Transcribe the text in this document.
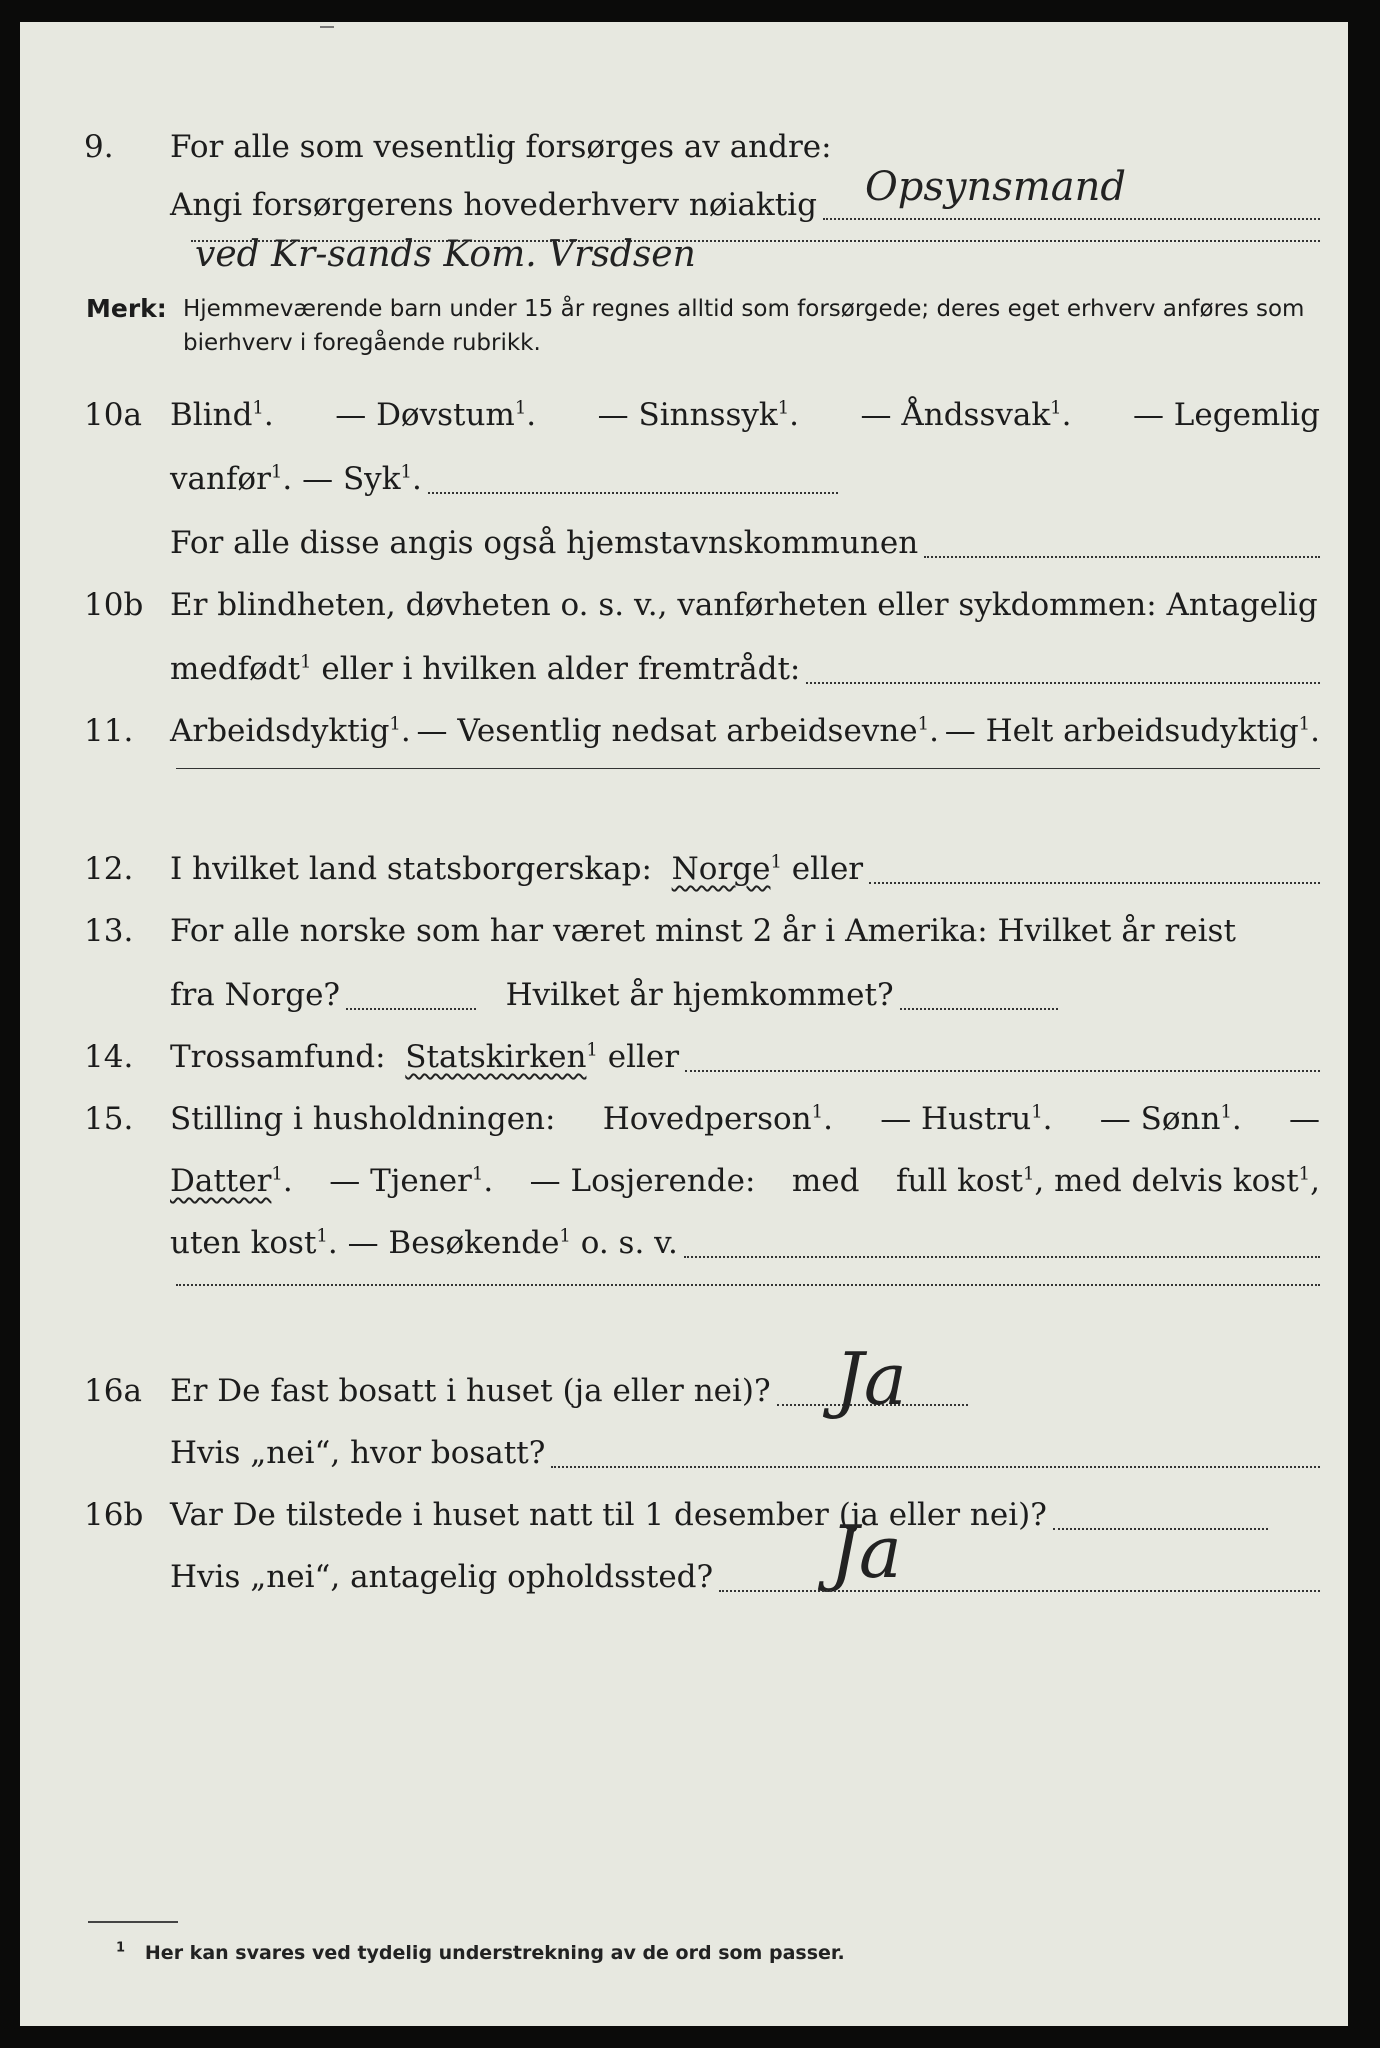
9. For alle som vesentlig forsørges av andre:
Angi forsørgerens hovederhverv nøiaktig Opsynsmand
ved Kr-sands Kom. Vrsdsen
Merk: Hjemmeværende barn under 15 år regnes alltid som forsørgede; deres eget erhverv anføres som bierhverv i foregående rubrikk.
10a Blind$^1$. — Døvstum$^1$. — Sinnssyk$^1$. — Åndssvak$^1$. — Legemlig
vanfør$^1$. — Syk$^1$.
For alle disse angis også hjemstavnskommunen
10b Er blindheten, døvheten o. s. v., vanførheten eller sykdommen: Antagelig
medfødt$^1$ eller i hvilken alder fremtrådt:
11. Arbeidsdyktig$^1$. — Vesentlig nedsat arbeidsevne$^1$. — Helt arbeidsudyktig$^1$.
12. I hvilket land statsborgerskap:
Norge$^1$
eller
13. For alle norske som har været minst 2 år i Amerika: Hvilket år reist
fra Norge?
	Hvilket år hjemkommet?
14. Trossamfund:
Statskirken$^1$
eller
15. Stilling i husholdningen: Hovedperson$^1$. — Hustru$^1$. — Sønn$^1$. —
Datter$^1$. — Tjener$^1$. — Losjerende: med full kost$^1$, med delvis kost$^1$,
uten kost$^1$. — Besøkende$^1$ o. s. v.
16a Er De fast bosatt i huset (ja eller nei)? Ja
Hvis „nei“, hvor bosatt?
16b Var De tilstede i huset natt til 1 desember (ja eller nei)?
Ja
Hvis „nei“, antagelig opholdssted?
$^1$ Her kan svares ved tydelig understrekning av de ord som passer.
